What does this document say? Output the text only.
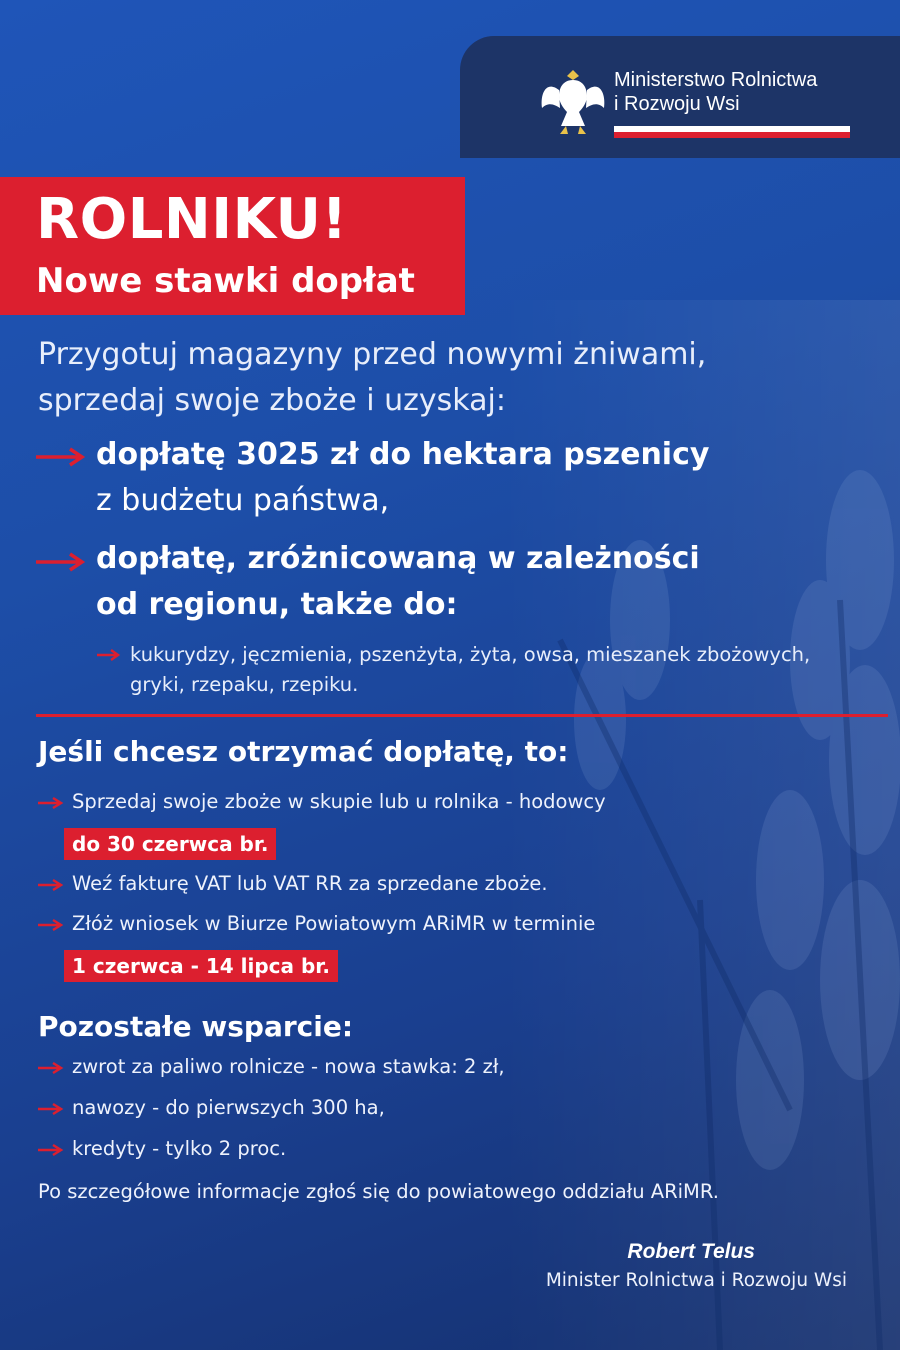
Ministerstwo Rolnictwa
i Rozwoju Wsi
ROLNIKU!
Nowe stawki dopłat
Przygotuj magazyny przed nowymi żniwami,
sprzedaj swoje zboże i uzyskaj:
dopłatę 3025 zł do hektara pszenicy
z budżetu państwa,
dopłatę, zróżnicowaną w zależności
od regionu, także do:
kukurydzy, jęczmienia, pszenżyta, żyta, owsa, mieszanek zbożowych,
gryki, rzepaku, rzepiku.
Jeśli chcesz otrzymać dopłatę, to:
Sprzedaj swoje zboże w skupie lub u rolnika - hodowcy
do 30 czerwca br.
Weź fakturę VAT lub VAT RR za sprzedane zboże.
Złóż wniosek w Biurze Powiatowym ARiMR w terminie
1 czerwca - 14 lipca br.
Pozostałe wsparcie:
zwrot za paliwo rolnicze - nowa stawka: 2 zł,
nawozy - do pierwszych 300 ha,
kredyty - tylko 2 proc.
Po szczegółowe informacje zgłoś się do powiatowego oddziału ARiMR.
Robert Telus
Minister Rolnictwa i Rozwoju Wsi
